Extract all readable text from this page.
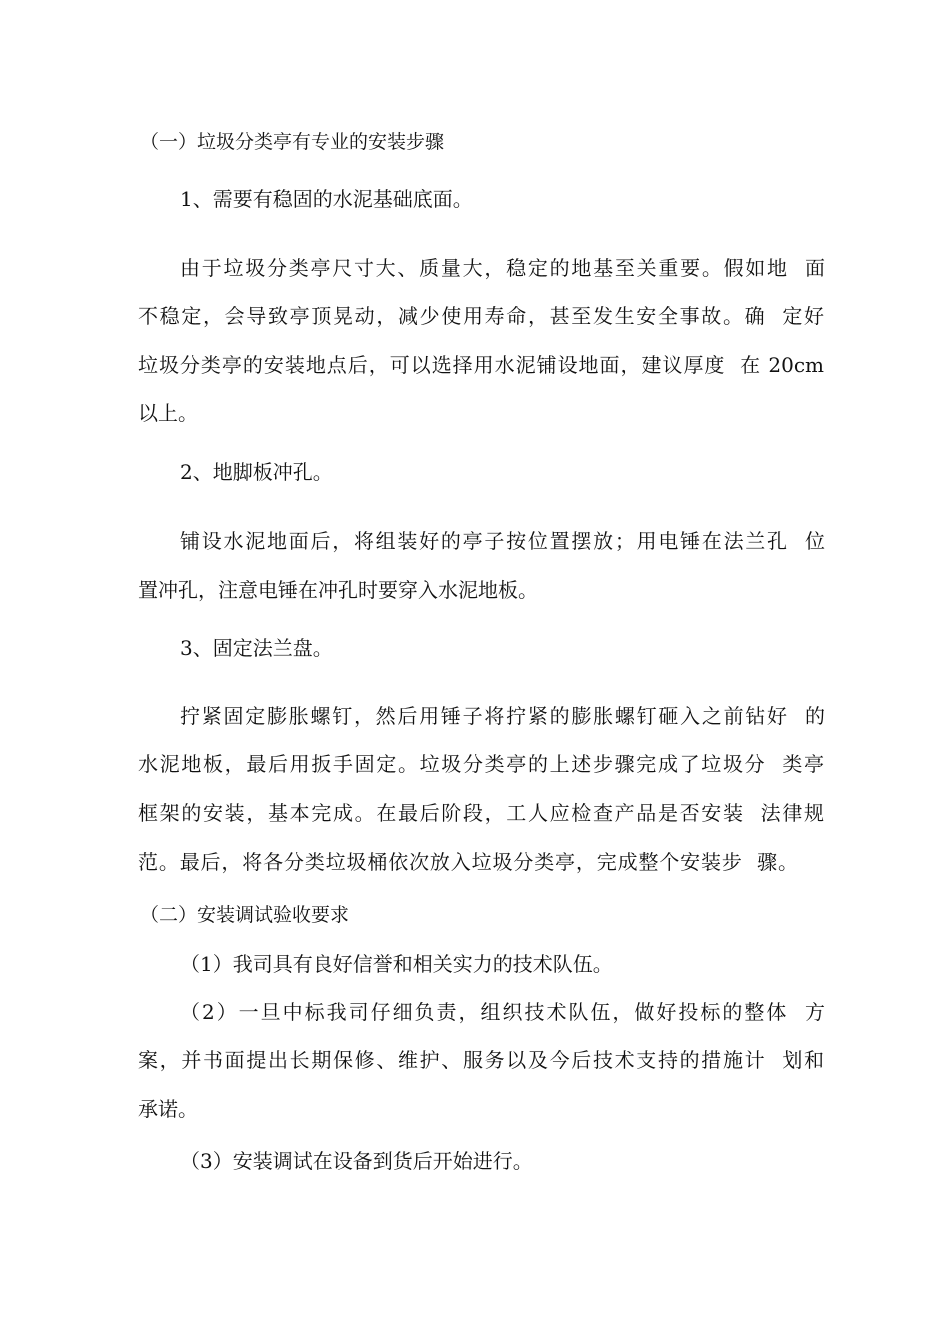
（一）垃圾分类亭有专业的安装步骤
1、需要有稳固的水泥基础底面。
由于垃圾分类亭尺寸大、质量大，稳定的地基至关重要。假如地  面
不稳定，会导致亭顶晃动，减少使用寿命，甚至发生安全事故。确  定好
垃圾分类亭的安装地点后，可以选择用水泥铺设地面，建议厚度  在 20cm
以上。
2、地脚板冲孔。
铺设水泥地面后，将组装好的亭子按位置摆放；用电锤在法兰孔  位
置冲孔，注意电锤在冲孔时要穿入水泥地板。
3、固定法兰盘。
拧紧固定膨胀螺钉，然后用锤子将拧紧的膨胀螺钉砸入之前钻好  的
水泥地板，最后用扳手固定。垃圾分类亭的上述步骤完成了垃圾分  类亭
框架的安装，基本完成。在最后阶段，工人应检查产品是否安装  法律规
范。最后，将各分类垃圾桶依次放入垃圾分类亭，完成整个安装步  骤。
（二）安装调试验收要求
（1）我司具有良好信誉和相关实力的技术队伍。
（2）一旦中标我司仔细负责，组织技术队伍，做好投标的整体  方
案，并书面提出长期保修、维护、服务以及今后技术支持的措施计  划和
承诺。
（3）安装调试在设备到货后开始进行。
